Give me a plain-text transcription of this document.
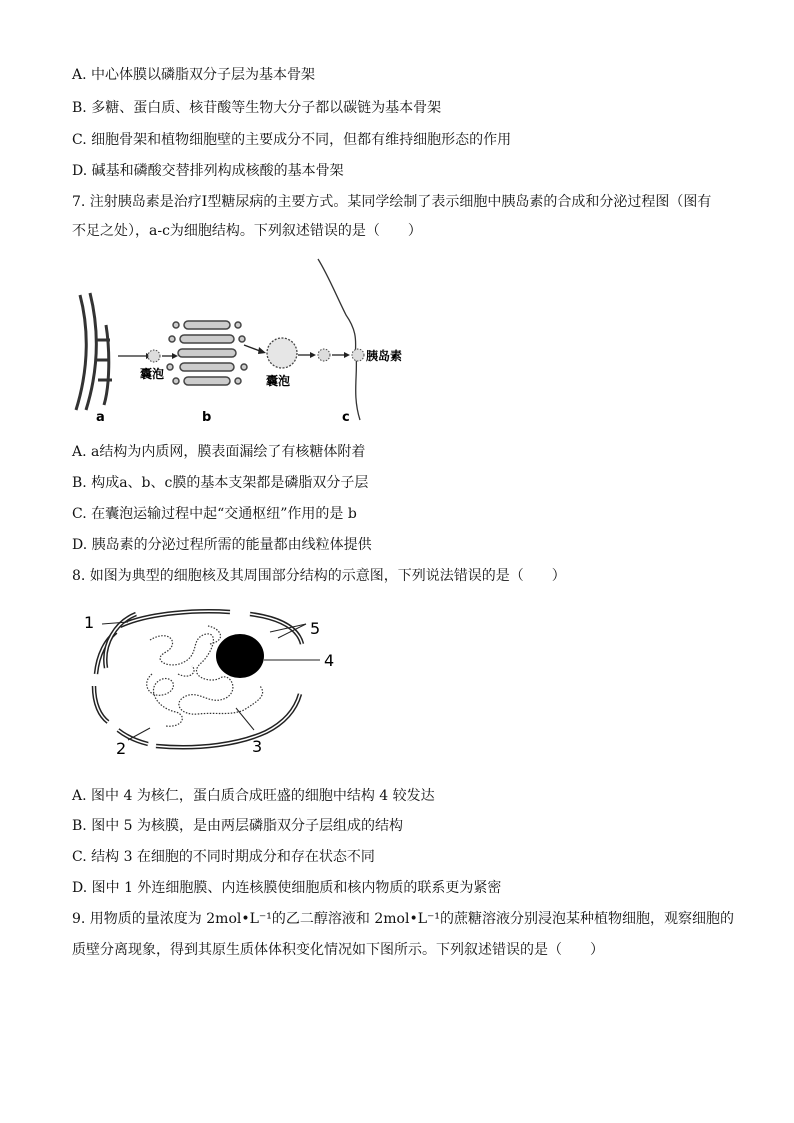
A. 中心体膜以磷脂双分子层为基本骨架
B. 多糖、蛋白质、核苷酸等生物大分子都以碳链为基本骨架
C. 细胞骨架和植物细胞壁的主要成分不同，但都有维持细胞形态的作用
D. 碱基和磷酸交替排列构成核酸的基本骨架
7. 注射胰岛素是治疗Ⅰ型糖尿病的主要方式。某同学绘制了表示细胞中胰岛素的合成和分泌过程图（图有
不足之处），a-c为细胞结构。下列叙述错误的是（　　）
a
囊泡
b
囊泡
胰岛素
c
A. a结构为内质网，膜表面漏绘了有核糖体附着
B. 构成a、b、c膜的基本支架都是磷脂双分子层
C. 在囊泡运输过程中起“交通枢纽”作用的是 b
D. 胰岛素的分泌过程所需的能量都由线粒体提供
8. 如图为典型的细胞核及其周围部分结构的示意图，下列说法错误的是（　　）
1	5
4
3
2
A. 图中 4 为核仁，蛋白质合成旺盛的细胞中结构 4 较发达
B. 图中 5 为核膜，是由两层磷脂双分子层组成的结构
C. 结构 3 在细胞的不同时期成分和存在状态不同
D. 图中 1 外连细胞膜、内连核膜使细胞质和核内物质的联系更为紧密
9. 用物质的量浓度为 2mol•L⁻¹的乙二醇溶液和 2mol•L⁻¹的蔗糖溶液分别浸泡某种植物细胞，观察细胞的
质壁分离现象，得到其原生质体体积变化情况如下图所示。下列叙述错误的是（　　）
